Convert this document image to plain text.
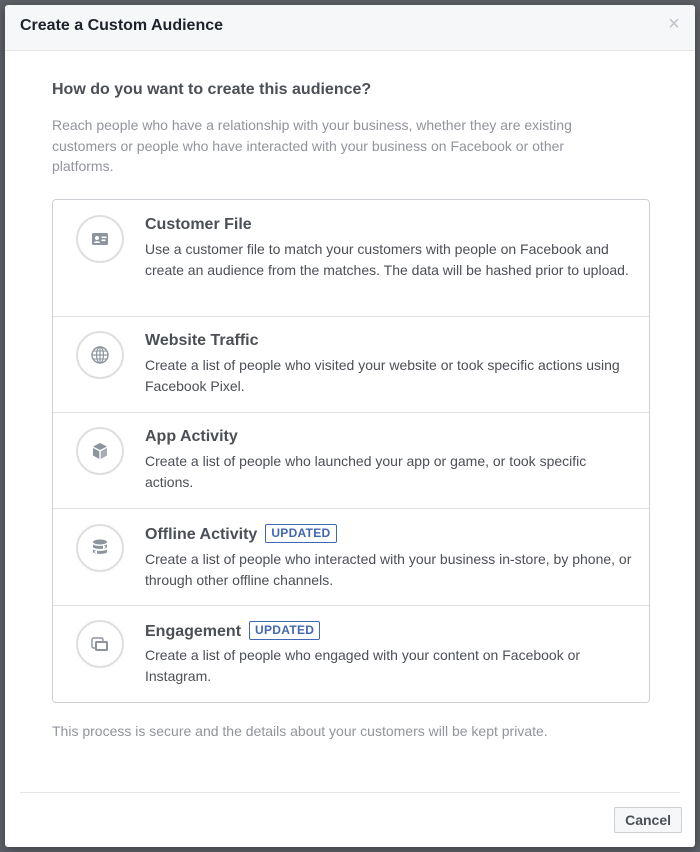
Create a Custom Audience	×
How do you want to create this audience?
Reach people who have a relationship with your business, whether they are existing customers or people who have interacted with your business on Facebook or other platforms.
Customer File
Use a customer file to match your customers with people on Facebook and create an audience from the matches. The data will be hashed prior to upload.
Website Traffic
Create a list of people who visited your website or took specific actions using Facebook Pixel.
App Activity
Create a list of people who launched your app or game, or took specific actions.
Offline Activity UPDATED
Create a list of people who interacted with your business in-store, by phone, or through other offline channels.
Engagement UPDATED
Create a list of people who engaged with your content on Facebook or Instagram.
This process is secure and the details about your customers will be kept private.
Cancel
